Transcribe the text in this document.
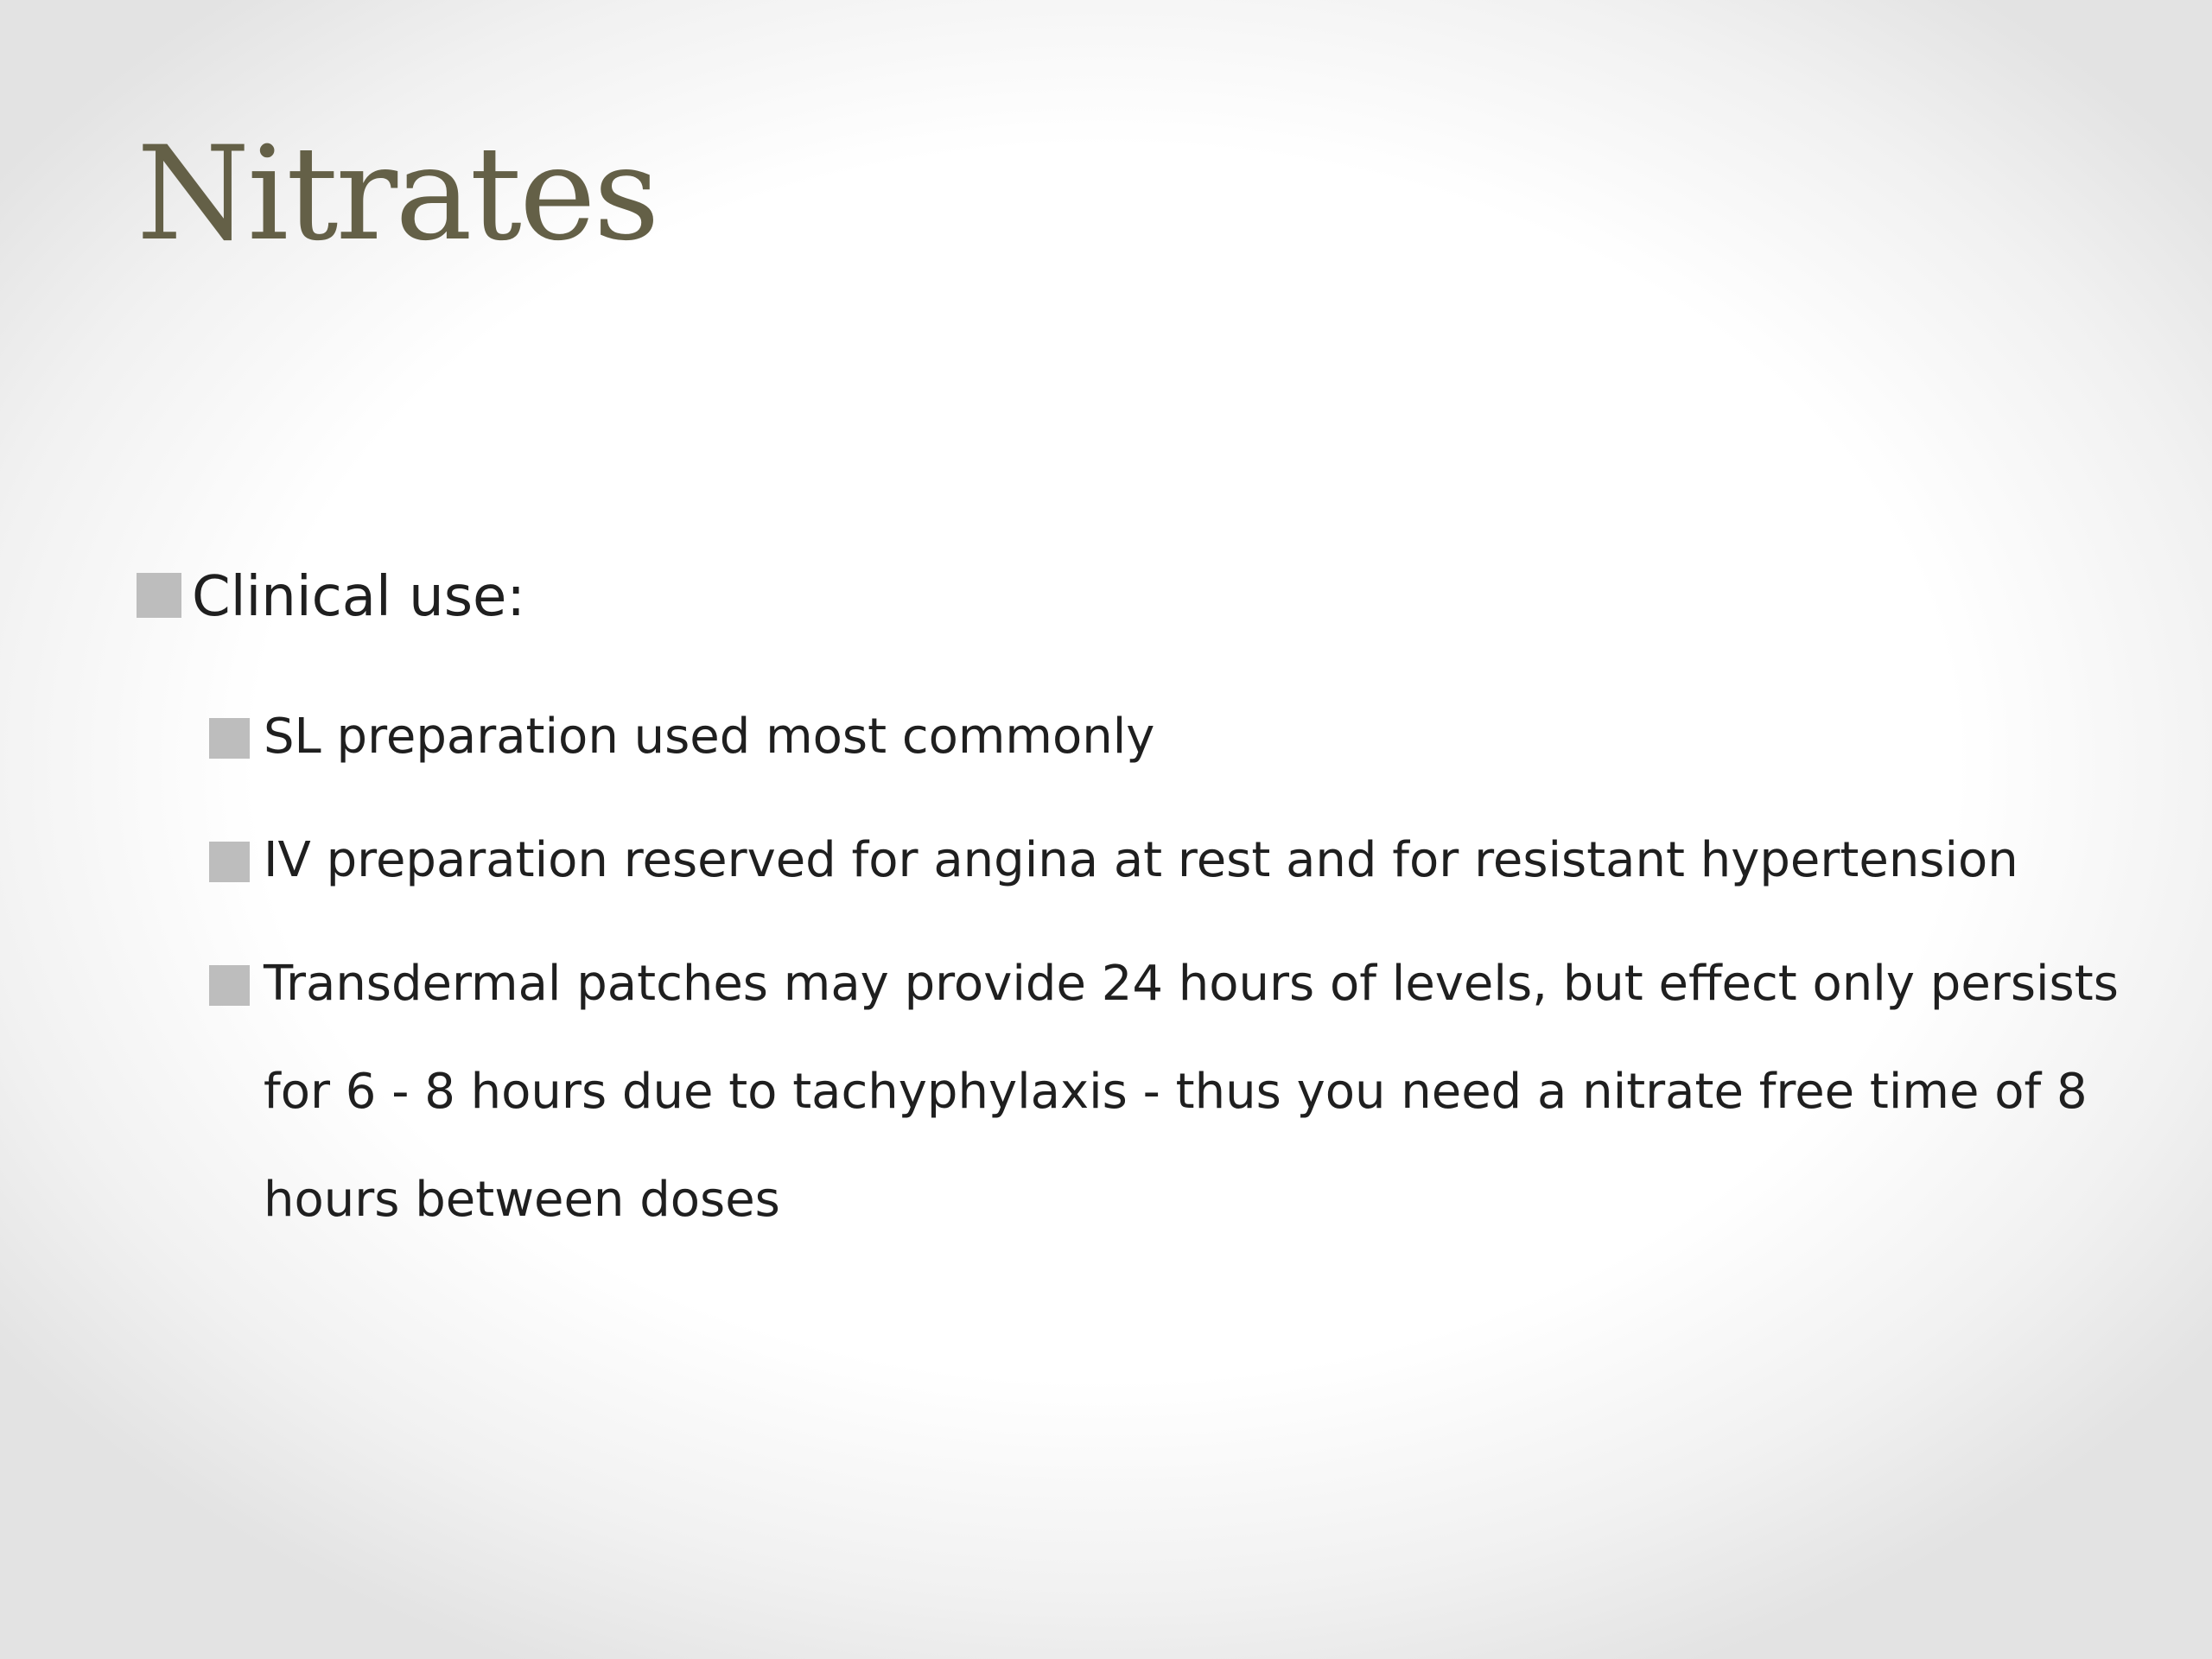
Nitrates
Clinical use:
SL preparation used most commonly
IV preparation reserved for angina at rest and for resistant hypertension
Transdermal patches may provide 24 hours of levels, but effect only persists for 6 - 8 hours due to tachyphylaxis - thus you need a nitrate free time of 8 hours between doses
